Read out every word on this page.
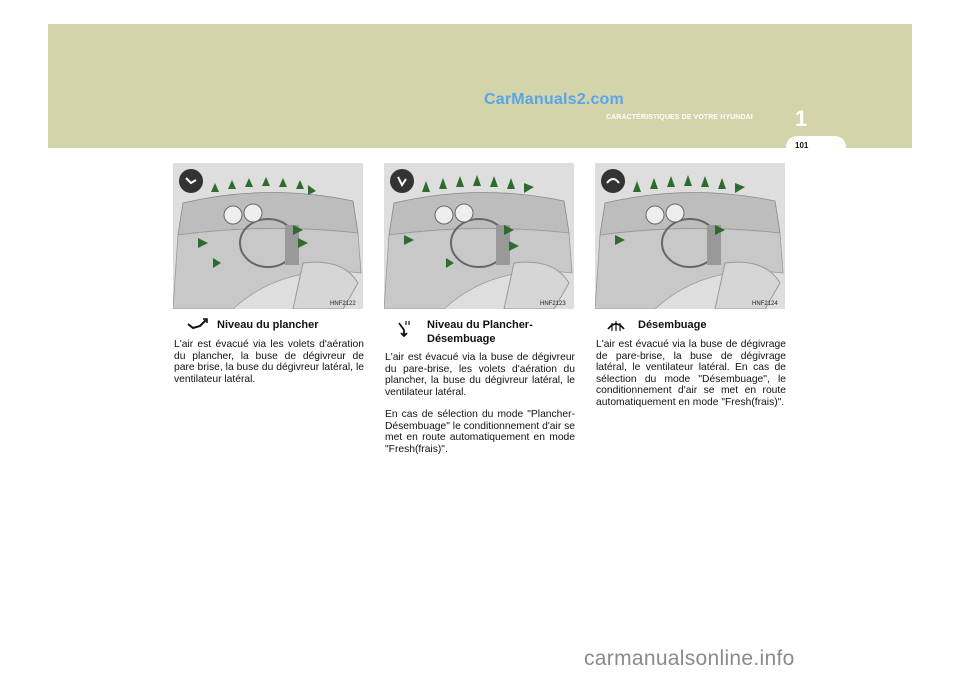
CarManuals2.com
CARACTÉRISTIQUES DE VOTRE HYUNDAI 1
101
HNF2122	HNF2123	HNF2124
Niveau du plancher
L'air est évacué via les volets d'aération du plancher, la buse de dégivreur de pare brise, la buse du dégivreur latéral, le ventilateur latéral.
Niveau du Plancher-
Désembuage
L'air est évacué via la buse de dégivreur du pare-brise, les volets d'aération du plancher, la buse du dégivreur latéral, le ventilateur latéral.
En cas de sélection du mode "Plancher-Désembuage" le conditionnement d'air se met en route automatiquement en mode "Fresh(frais)".
Désembuage
L'air est évacué via la buse de dégivrage de pare-brise, la buse de dégivrage latéral, le ventilateur latéral. En cas de sélection du mode "Désembuage", le conditionnement d'air se met en route automatiquement en mode "Fresh(frais)".
carmanualsonline.info
